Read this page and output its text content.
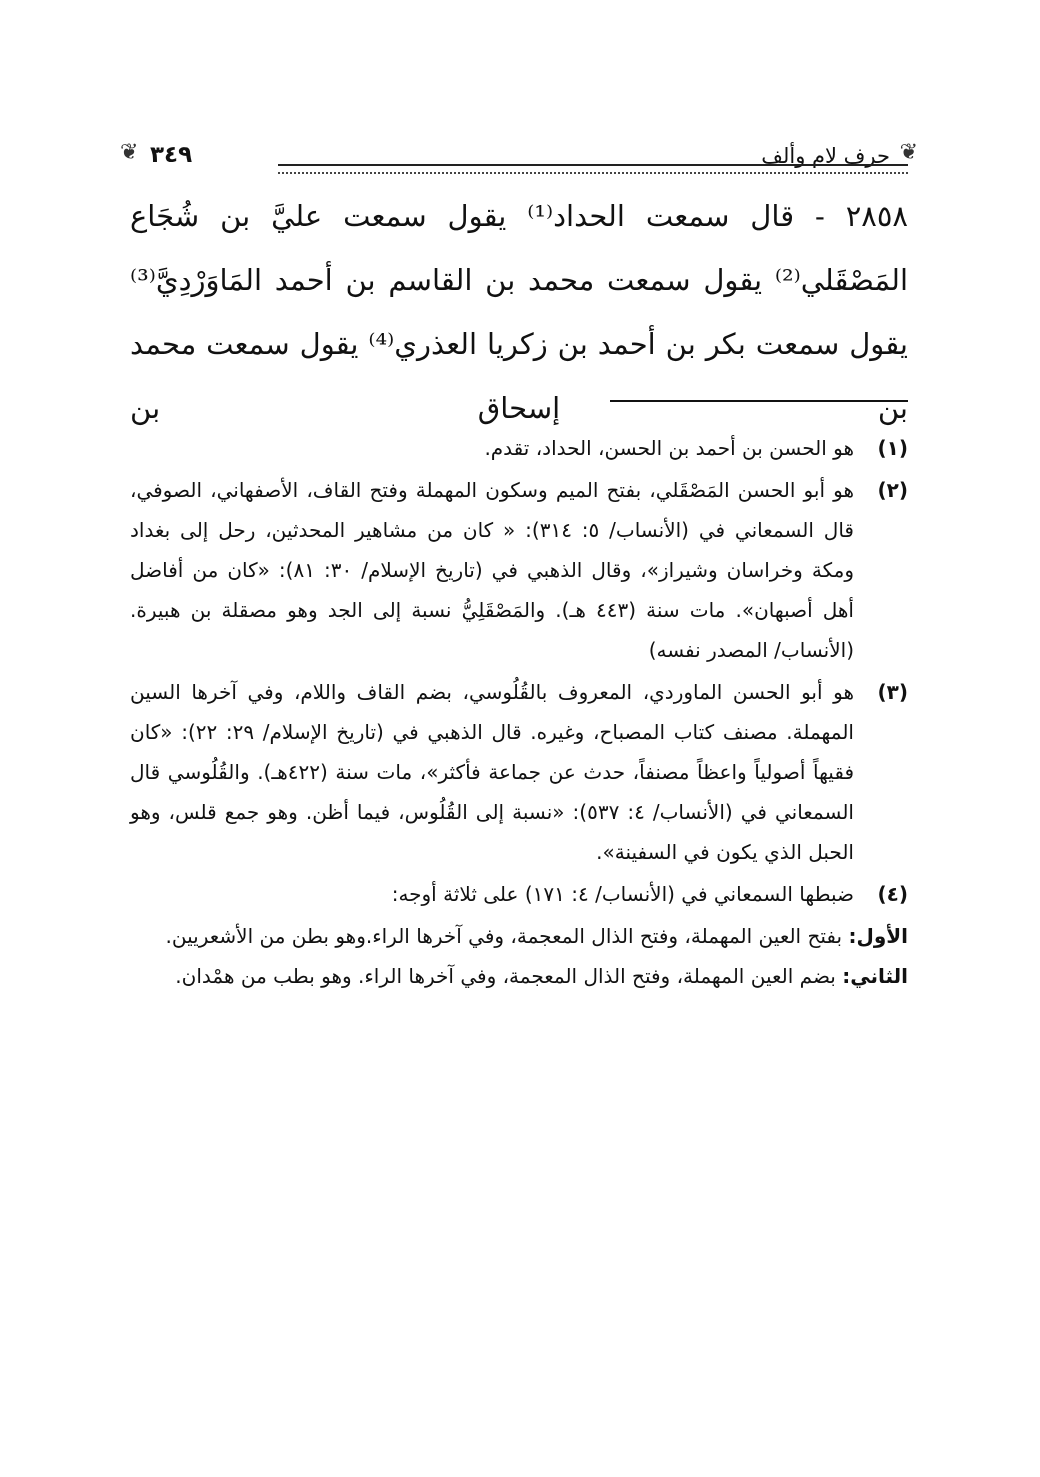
❦
حرف لام وألف
٣٤٩
❦
٢٨٥٨ - قال سمعت الحداد⁽¹⁾ يقول سمعت عليَّ بن شُجَاع المَصْقَلي⁽²⁾ يقول سمعت محمد بن القاسم بن أحمد المَاوَرْدِيَّ⁽³⁾ يقول سمعت بكر بن أحمد بن زكريا العذري⁽⁴⁾ يقول سمعت محمد بن إسحاق بن
(١)
هو الحسن بن أحمد بن الحسن، الحداد، تقدم.
(٢)
هو أبو الحسن المَصْقَلي، بفتح الميم وسكون المهملة وفتح القاف، الأصفهاني، الصوفي، قال السمعاني في (الأنساب/ ٥: ٣١٤): « كان من مشاهير المحدثين، رحل إلى بغداد ومكة وخراسان وشيراز»، وقال الذهبي في (تاريخ الإسلام/ ٣٠: ٨١): «كان من أفاضل أهل أصبهان». مات سنة (٤٤٣ هـ). والمَصْقَلِيُّ نسبة إلى الجد وهو مصقلة بن هبيرة. (الأنساب/ المصدر نفسه)
(٣)
هو أبو الحسن الماوردي، المعروف بالقُلُوسي، بضم القاف واللام، وفي آخرها السين المهملة. مصنف كتاب المصباح، وغيره. قال الذهبي في (تاريخ الإسلام/ ٢٩: ٢٢): «كان فقيهاً أصولياً واعظاً مصنفاً، حدث عن جماعة فأكثر»، مات سنة (٤٢٢هـ). والقُلُوسي قال السمعاني في (الأنساب/ ٤: ٥٣٧): «نسبة إلى القُلُوس، فيما أظن. وهو جمع قلس، وهو الحبل الذي يكون في السفينة».
(٤)
ضبطها السمعاني في (الأنساب/ ٤: ١٧١) على ثلاثة أوجه:
الأول: بفتح العين المهملة، وفتح الذال المعجمة، وفي آخرها الراء.وهو بطن من الأشعريين.
الثاني: بضم العين المهملة، وفتح الذال المعجمة، وفي آخرها الراء. وهو بطب من همْدان.
